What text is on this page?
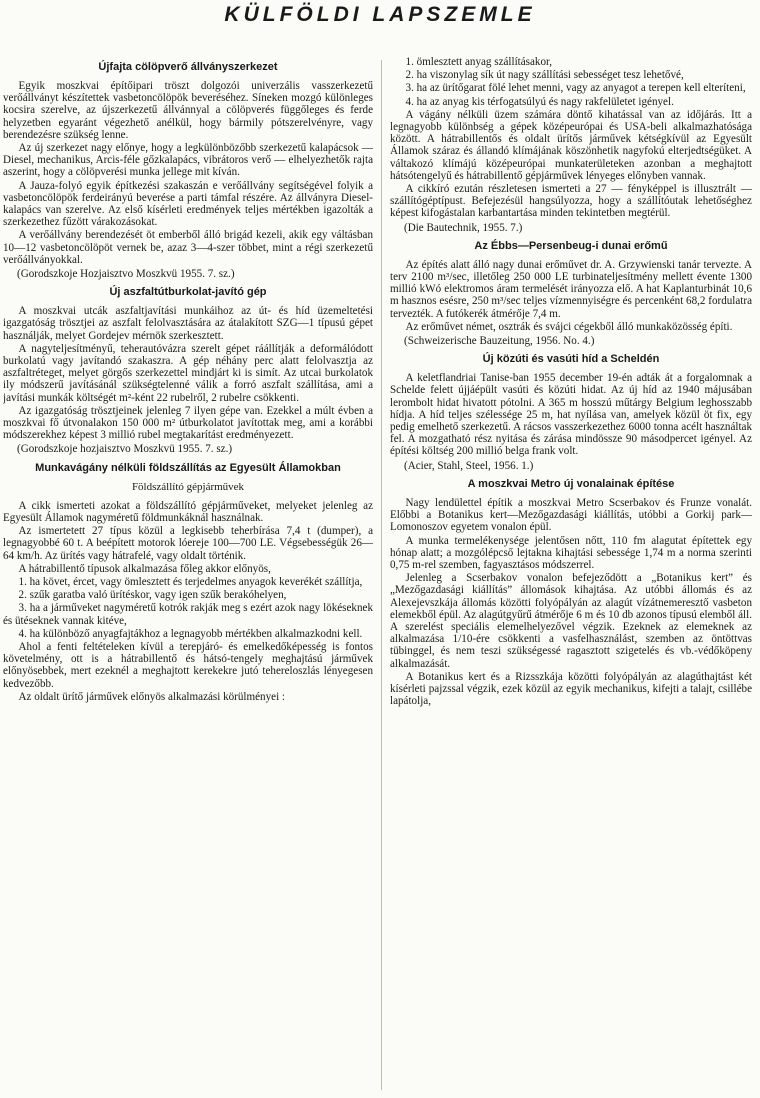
KÜLFÖLDI LAPSZEMLE
Újfajta cölöpverő állványszerkezet
Egyik moszkvai építőipari tröszt dolgozói univerzális vasszerkezetű verőállványt készítettek vasbetoncölöpök beveréséhez. Síneken mozgó különleges kocsira szerelve, az újszerkezetű állvánnyal a cölöpverés függőleges és ferde helyzetben egyaránt végezhető anélkül, hogy bármily pótszerelvényre, vagy berendezésre szükség lenne.
Az új szerkezet nagy előnye, hogy a legkülönbözőbb szerkezetű kalapácsok — Diesel, mechanikus, Arcis-féle gőzkalapács, vibrátoros verő — elhelyezhetők rajta aszerint, hogy a cölöpverési munka jellege mit kíván.
A Jauza-folyó egyik építkezési szakaszán e verőállvány segítségével folyik a vasbetoncölöpök ferdeirányú beverése a parti támfal részére. Az állványra Diesel-kalapács van szerelve. Az első kísérleti eredmények teljes mértékben igazolták a szerkezethez fűzött várakozásokat.
A verőállvány berendezését öt emberből álló brigád kezeli, akik egy váltásban 10—12 vasbetoncölöpöt vernek be, azaz 3—4-szer többet, mint a régi szerkezetű verőállványokkal.
(Gorodszkoje Hozjaisztvo Moszkvü 1955. 7. sz.)
Új aszfaltútburkolat-javító gép
A moszkvai utcák aszfaltjavítási munkáihoz az út- és híd üzemeltetési igazgatóság trösztjei az aszfalt felolvasztására az átalakított SZG—1 típusú gépet használják, melyet Gordejev mérnök szerkesztett.
A nagyteljesítményű, teherautóvázra szerelt gépet ráállítják a deformálódott burkolatú vagy javítandó szakaszra. A gép néhány perc alatt felolvasztja az aszfaltréteget, melyet görgős szerkezettel mindjárt ki is simít. Az utcai burkolatok ily módszerű javításánál szükségtelenné válik a forró aszfalt szállítása, ami a javítási munkák költségét m²-ként 22 rubelről, 2 rubelre csökkenti.
Az igazgatóság trösztjeinek jelenleg 7 ilyen gépe van. Ezekkel a múlt évben a moszkvai fő útvonalakon 150 000 m² útburkolatot javítottak meg, ami a korábbi módszerekhez képest 3 millió rubel megtakarítást eredményezett.
(Gorodszkoje hozjaisztvo Moszkvü 1955. 7. sz.)
Munkavágány nélküli földszállítás az Egyesült Államokban
Földszállító gépjárművek
A cikk ismerteti azokat a földszállító gépjárműveket, melyeket jelenleg az Egyesült Államok nagyméretű földmunkáknál használnak.
Az ismertetett 27 típus közül a legkisebb teherbírása 7,4 t (dumper), a legnagyobbé 60 t. A beépített motorok lóereje 100—700 LE. Végsebességük 26—64 km/h. Az ürítés vagy hátrafelé, vagy oldalt történik.
A hátrabillentő típusok alkalmazása főleg akkor előnyös,
1. ha követ, ércet, vagy ömlesztett és terjedelmes anyagok keverékét szállítja,
2. szűk garatba való ürítéskor, vagy igen szűk berakóhelyen,
3. ha a járműveket nagyméretű kotrók rakják meg s ezért azok nagy lökéseknek és ütéseknek vannak kitéve,
4. ha különböző anyagfajtákhoz a legnagyobb mértékben alkalmazkodni kell.
Ahol a fenti feltételeken kívül a terepjáró- és emelkedőképesség is fontos követelmény, ott is a hátrabillentő és hátsó-tengely meghajtású járművek előnyösebbek, mert ezeknél a meghajtott kerekekre jutó tehereloszlás lényegesen kedvezőbb.
Az oldalt ürítő járművek előnyös alkalmazási körülményei :
1. ömlesztett anyag szállításakor,
2. ha viszonylag sík út nagy szállítási sebességet tesz lehetővé,
3. ha az ürítőgarat fölé lehet menni, vagy az anyagot a terepen kell elteríteni,
4. ha az anyag kis térfogatsúlyú és nagy rakfelületet igényel.
A vágány nélküli üzem számára döntő kihatással van az időjárás. Itt a legnagyobb különbség a gépek középeurópai és USA-beli alkalmazhatósága között. A hátrabillentős és oldalt ürítős járművek kétségkívül az Egyesült Államok száraz és állandó klímájának köszönhetik nagyfokú elterjedtségüket. A váltakozó klímájú középeurópai munkaterületeken azonban a meghajtott hátsótengelyű és hátrabillentő gépjárművek lényeges előnyben vannak.
A cikkíró ezután részletesen ismerteti a 27 — fényképpel is illusztrált — szállítógéptípust. Befejezésül hangsúlyozza, hogy a szállítóutak lehetőséghez képest kifogástalan karbantartása minden tekintetben megtérül.
(Die Bautechnik, 1955. 7.)
Az Ébbs—Persenbeug-i dunai erőmű
Az építés alatt álló nagy dunai erőművet dr. A. Grzywienski tanár tervezte. A terv 2100 m³/sec, illetőleg 250 000 LE turbinateljesítmény mellett évente 1300 millió kWó elektromos áram termelését irányozza elő. A hat Kaplanturbinát 10,6 m hasznos esésre, 250 m³/sec teljes vízmennyiségre és percenként 68,2 fordulatra tervezték. A futókerék átmérője 7,4 m.
Az erőművet német, osztrák és svájci cégekből álló munkaközösség építi.
(Schweizerische Bauzeitung, 1956. No. 4.)
Új közúti és vasúti híd a Scheldén
A keletflandriai Tanise-ban 1955 december 19-én adták át a forgalomnak a Schelde felett újjáépült vasúti és közúti hidat. Az új híd az 1940 májusában lerombolt hidat hivatott pótolni. A 365 m hosszú műtárgy Belgium leghosszabb hídja. A híd teljes szélessége 25 m, hat nyílása van, amelyek közül öt fix, egy pedig emelhető szerkezetű. A rácsos vasszerkezethez 6000 tonna acélt használtak fel. A mozgatható rész nyitása és zárása mindössze 90 másodpercet igényel. Az építési költség 200 millió belga frank volt.
(Acier, Stahl, Steel, 1956. 1.)
A moszkvai Metro új vonalainak építése
Nagy lendülettel építik a moszkvai Metro Scserbakov és Frunze vonalát. Előbbi a Botanikus kert—Mezőgazdasági kiállítás, utóbbi a Gorkij park—Lomonoszov egyetem vonalon épül.
A munka termelékenysége jelentősen nőtt, 110 fm alagutat építettek egy hónap alatt; a mozgólépcső lejtakna kihajtási sebessége 1,74 m a norma szerinti 0,75 m-rel szemben, fagyasztásos módszerrel.
Jelenleg a Scserbakov vonalon befejeződött a „Botanikus kert” és „Mezőgazdasági kiállítás” állomások kihajtása. Az utóbbi állomás és az Alexejevszkája állomás közötti folyópályán az alagút vízátnemeresztő vasbeton elemekből épül. Az alagútgyűrű átmérője 6 m és 10 db azonos típusú elemből áll. A szerelést speciális elemelhelyezővel végzik. Ezeknek az elemeknek az alkalmazása 1/10-ére csökkenti a vasfelhasználást, szemben az öntöttvas tübinggel, és nem teszi szükségessé ragasztott szigetelés és vb.-védőköpeny alkalmazását.
A Botanikus kert és a Rizsszkája közötti folyópályán az alagúthajtást két kísérleti pajzssal végzik, ezek közül az egyik mechanikus, kifejti a talajt, csillébe lapátolja,
